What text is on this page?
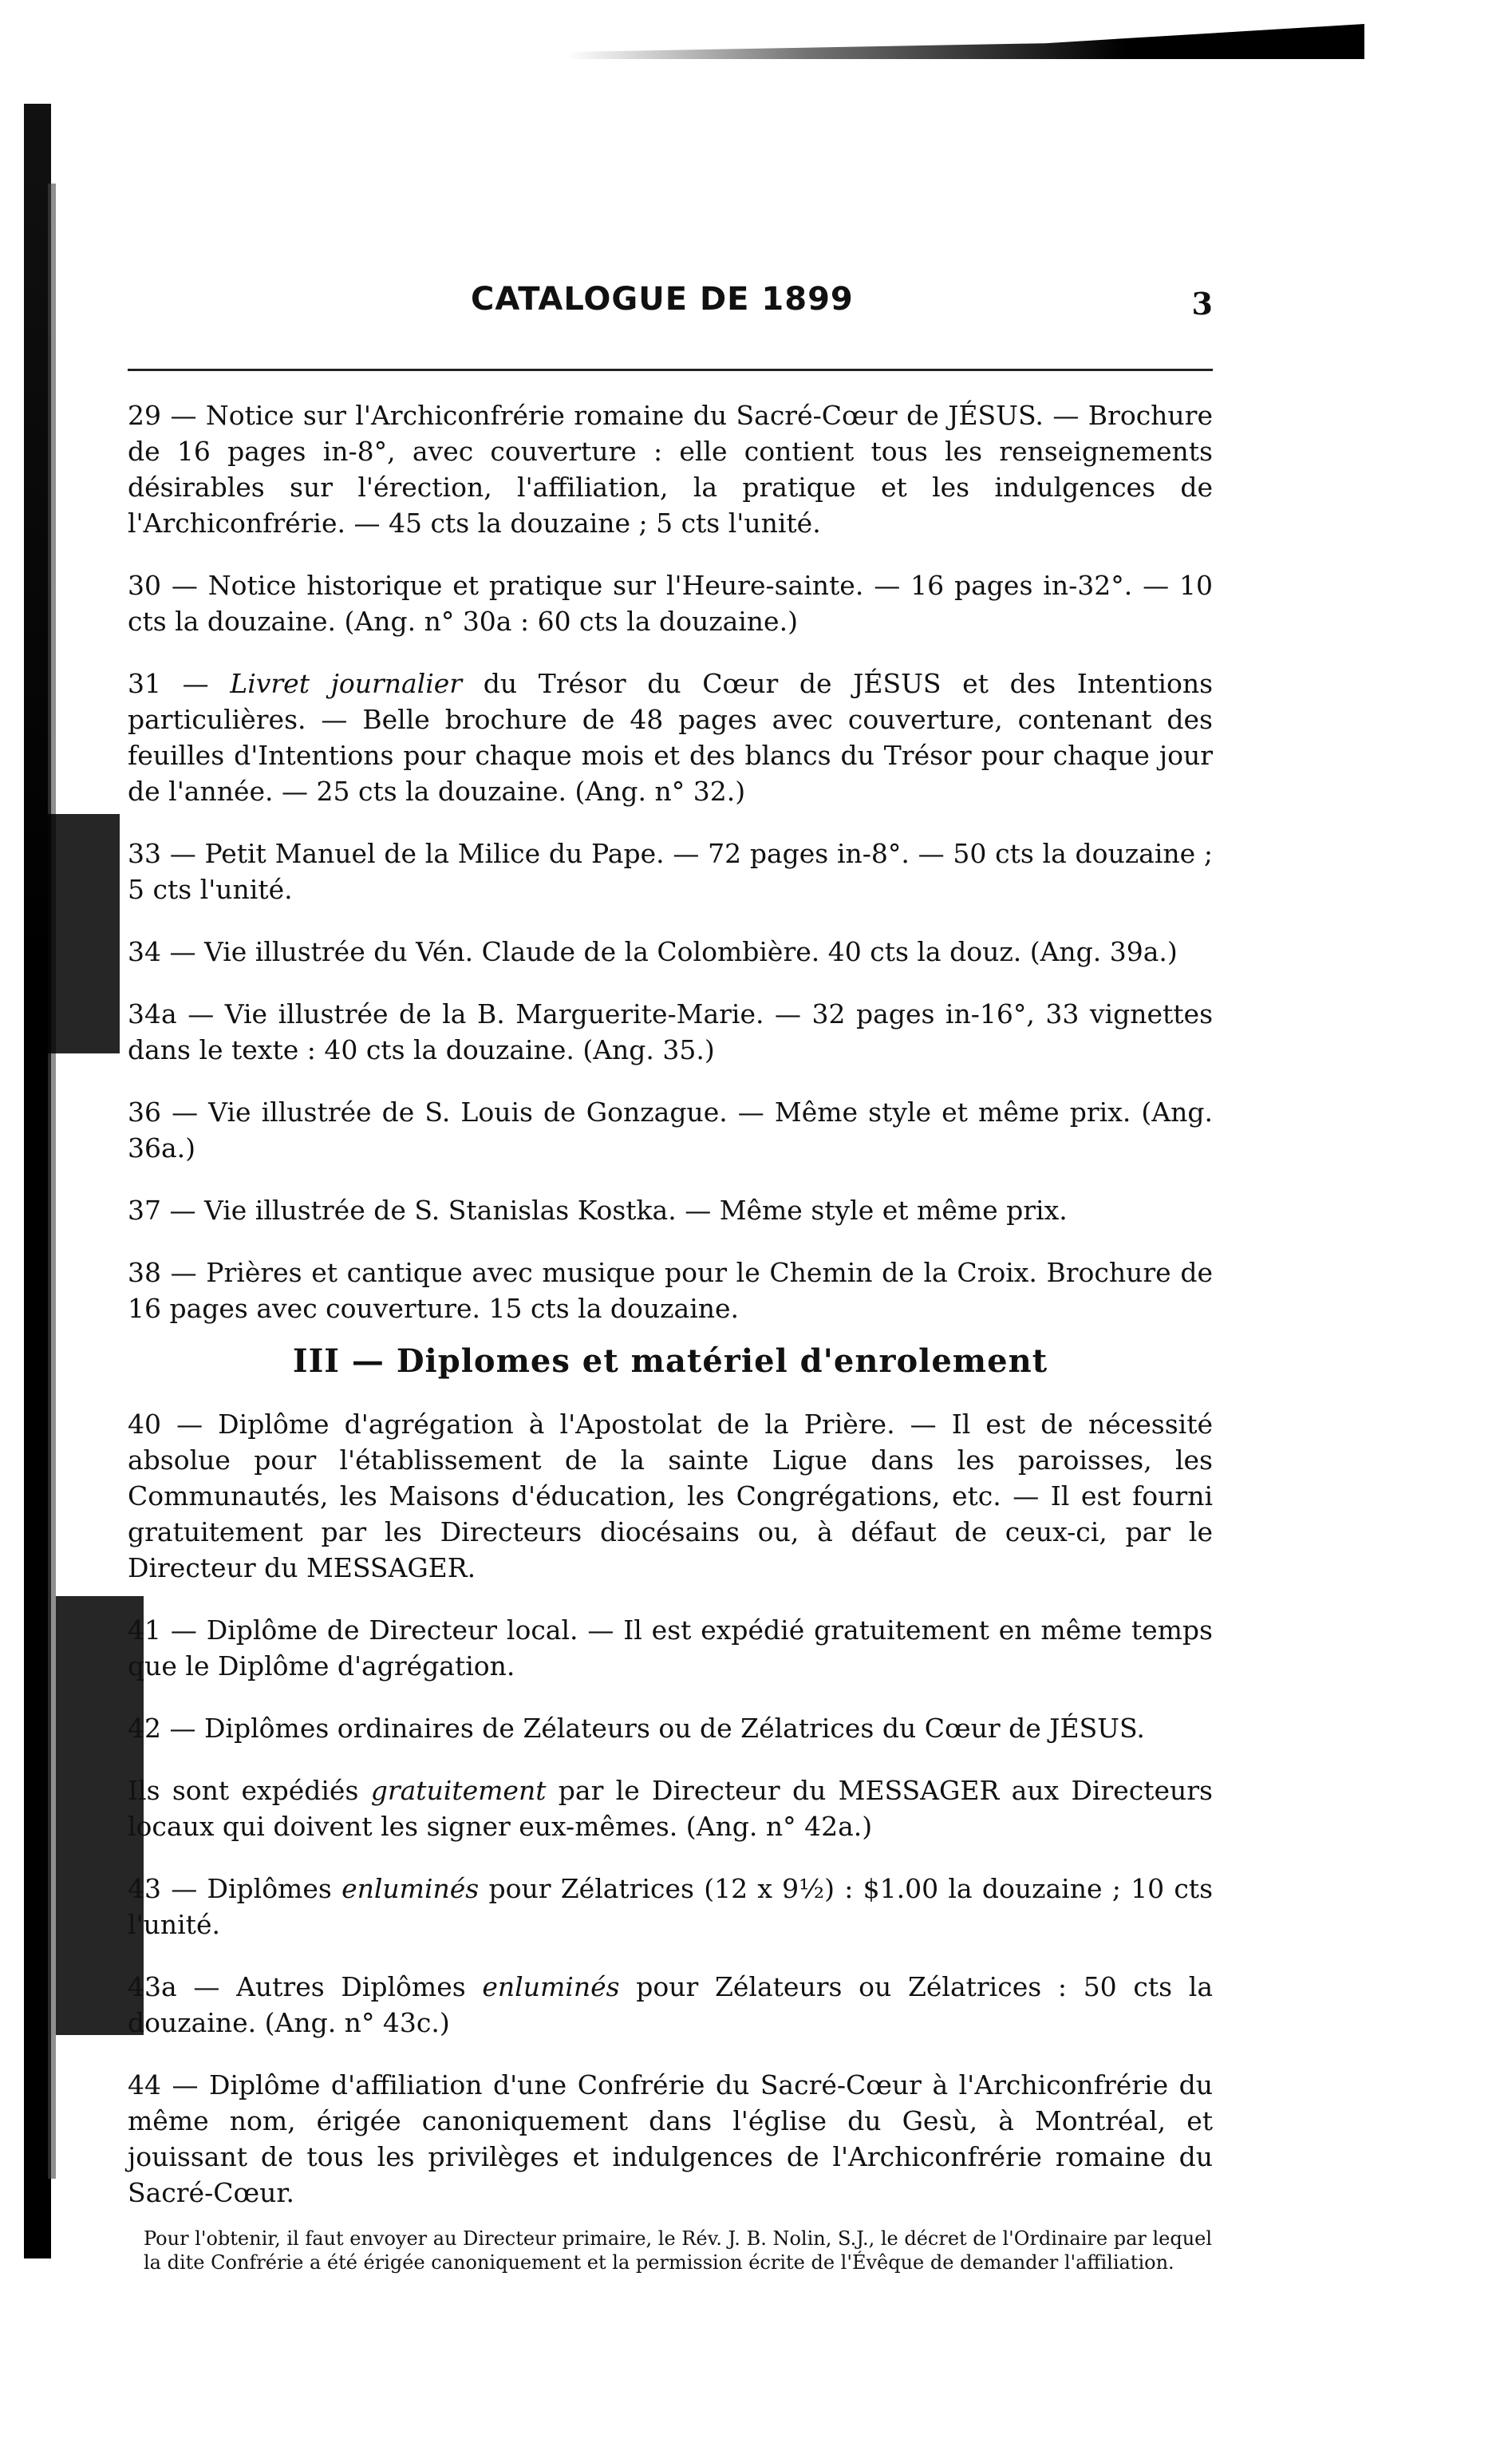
CATALOGUE DE 1899	3

29 — Notice sur l'Archiconfrérie romaine du Sacré-Cœur de JÉSUS. — Brochure de 16 pages in-8°, avec couverture : elle contient tous les renseignements désirables sur l'érection, l'affiliation, la pratique et les indulgences de l'Archiconfrérie. — 45 cts la douzaine ; 5 cts l'unité.

30 — Notice historique et pratique sur l'Heure-sainte. — 16 pages in-32°. — 10 cts la douzaine. (Ang. n° 30a : 60 cts la douzaine.)

31 — Livret journalier du Trésor du Cœur de JÉSUS et des Intentions particulières. — Belle brochure de 48 pages avec couverture, contenant des feuilles d'Intentions pour chaque mois et des blancs du Trésor pour chaque jour de l'année. — 25 cts la douzaine. (Ang. n° 32.)

33 — Petit Manuel de la Milice du Pape. — 72 pages in-8°. — 50 cts la douzaine ; 5 cts l'unité.

34 — Vie illustrée du Vén. Claude de la Colombière. 40 cts la douz. (Ang. 39a.)

34a — Vie illustrée de la B. Marguerite-Marie. — 32 pages in-16°, 33 vignettes dans le texte : 40 cts la douzaine. (Ang. 35.)

36 — Vie illustrée de S. Louis de Gonzague. — Même style et même prix. (Ang. 36a.)

37 — Vie illustrée de S. Stanislas Kostka. — Même style et même prix.

38 — Prières et cantique avec musique pour le Chemin de la Croix. Brochure de 16 pages avec couverture. 15 cts la douzaine.

III — Diplomes et matériel d'enrolement

40 — Diplôme d'agrégation à l'Apostolat de la Prière. — Il est de nécessité absolue pour l'établissement de la sainte Ligue dans les paroisses, les Communautés, les Maisons d'éducation, les Congrégations, etc. — Il est fourni gratuitement par les Directeurs diocésains ou, à défaut de ceux-ci, par le Directeur du MESSAGER.

41 — Diplôme de Directeur local. — Il est expédié gratuitement en même temps que le Diplôme d'agrégation.

42 — Diplômes ordinaires de Zélateurs ou de Zélatrices du Cœur de JÉSUS.

Ils sont expédiés gratuitement par le Directeur du MESSAGER aux Directeurs locaux qui doivent les signer eux-mêmes. (Ang. n° 42a.)

43 — Diplômes enluminés pour Zélatrices (12 x 9½) : $1.00 la douzaine ; 10 cts l'unité.

43a — Autres Diplômes enluminés pour Zélateurs ou Zélatrices : 50 cts la douzaine. (Ang. n° 43c.)

44 — Diplôme d'affiliation d'une Confrérie du Sacré-Cœur à l'Archiconfrérie du même nom, érigée canoniquement dans l'église du Gesù, à Montréal, et jouissant de tous les privilèges et indulgences de l'Archiconfrérie romaine du Sacré-Cœur.

Pour l'obtenir, il faut envoyer au Directeur primaire, le Rév. J. B. Nolin, S.J., le décret de l'Ordinaire par lequel la dite Confrérie a été érigée canoniquement et la permission écrite de l'Évêque de demander l'affiliation.
